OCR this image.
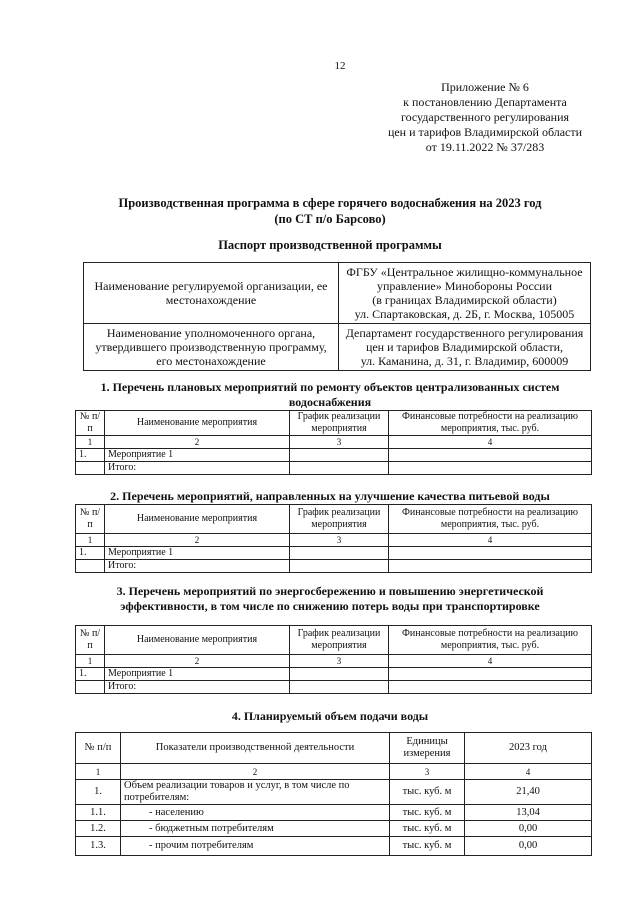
12
Приложение № 6
к постановлению Департамента
государственного регулирования
цен и тарифов Владимирской области
от 19.11.2022 № 37/283
Производственная программа в сфере горячего водоснабжения на 2023 год
(по СТ п/о Барсово)
Паспорт производственной программы
Наименование регулируемой организации, ее местонахождение	ФГБУ «Центральное жилищно-коммунальное
управление» Минобороны России
(в границах Владимирской области)
ул. Спартаковская, д. 2Б, г. Москва, 105005

Наименование уполномоченного органа, утвердившего производственную программу, его местонахождение	Департамент государственного регулирования
цен и тарифов Владимирской области,
ул. Каманина, д. 31, г. Владимир, 600009
1. Перечень плановых мероприятий по ремонту объектов централизованных систем
водоснабжения
№ п/п	Наименование мероприятия	График реализации мероприятия	Финансовые потребности на реализацию мероприятия, тыс. руб.
1	2	3	4
1.	Мероприятие 1		
	Итого:		
2. Перечень мероприятий, направленных на улучшение качества питьевой воды
№ п/п	Наименование мероприятия	График реализации мероприятия	Финансовые потребности на реализацию мероприятия, тыс. руб.
1	2	3	4
1.	Мероприятие 1		
	Итого:		
3. Перечень мероприятий по энергосбережению и повышению энергетической
эффективности, в том числе по снижению потерь воды при транспортировке
№ п/п	Наименование мероприятия	График реализации мероприятия	Финансовые потребности на реализацию мероприятия, тыс. руб.
1	2	3	4
1.	Мероприятие 1		
	Итого:		
4. Планируемый объем подачи воды
№ п/п	Показатели производственной деятельности	Единицы измерения	2023 год
1	2	3	4
1.	Объем реализации товаров и услуг, в том числе по потребителям:	тыс. куб. м	21,40
1.1.	- населению	тыс. куб. м	13,04
1.2.	- бюджетным потребителям	тыс. куб. м	0,00
1.3.	- прочим потребителям	тыс. куб. м	0,00
